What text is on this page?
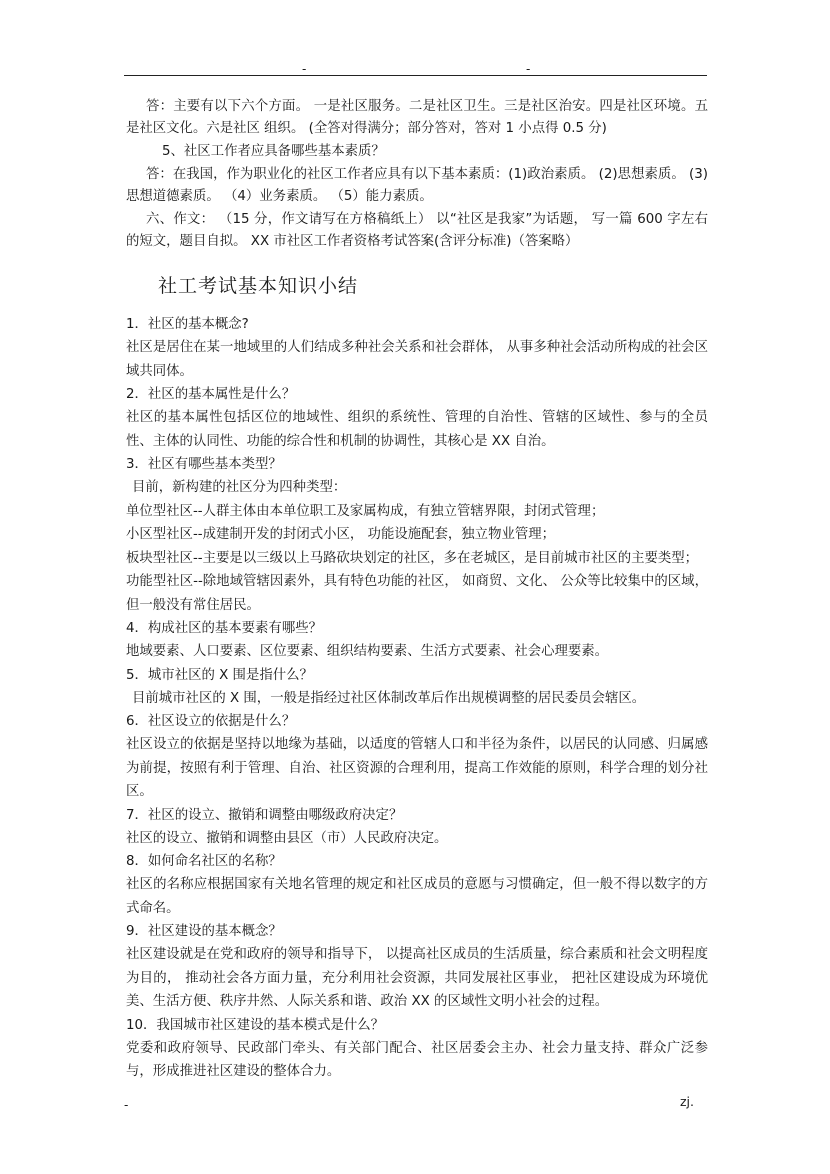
-	-

答：主要有以下六个方面。 一是社区服务。二是社区卫生。三是社区治安。四是社区环境。五是社区文化。六是社区 组织。 (全答对得满分；部分答对，答对 1 小点得 0.5 分)

5、社区工作者应具备哪些基本素质？

答：在我国，作为职业化的社区工作者应具有以下基本素质：(1)政治素质。 (2)思想素质。 (3)思想道德素质。 （4）业务素质。 （5）能力素质。

六、作文： （15 分，作文请写在方格稿纸上） 以“社区是我家”为话题， 写一篇 600 字左右的短文，题目自拟。 XX 市社区工作者资格考试答案(含评分标准)（答案略）

社工考试基本知识小结
1．社区的基本概念?
社区是居住在某一地域里的人们结成多种社会关系和社会群体， 从事多种社会活动所构成的社会区域共同体。
2．社区的基本属性是什么？
社区的基本属性包括区位的地域性、组织的系统性、管理的自治性、管辖的区域性、参与的全员性、主体的认同性、功能的综合性和机制的协调性，其核心是 XX 自治。
3．社区有哪些基本类型？
目前，新构建的社区分为四种类型：
单位型社区--人群主体由本单位职工及家属构成，有独立管辖界限，封闭式管理；
小区型社区--成建制开发的封闭式小区， 功能设施配套，独立物业管理；
板块型社区--主要是以三级以上马路砍块划定的社区，多在老城区，是目前城市社区的主要类型；
功能型社区--除地域管辖因素外，具有特色功能的社区， 如商贸、文化、 公众等比较集中的区域， 但一般没有常住居民。
4．构成社区的基本要素有哪些？
地域要素、人口要素、区位要素、组织结构要素、生活方式要素、社会心理要素。
5．城市社区的 X 围是指什么？
目前城市社区的 X 围，一般是指经过社区体制改革后作出规模调整的居民委员会辖区。
6．社区设立的依据是什么？
社区设立的依据是坚持以地缘为基础，以适度的管辖人口和半径为条件，以居民的认同感、归属感为前提，按照有利于管理、自治、社区资源的合理利用，提高工作效能的原则，科学合理的划分社区。
7．社区的设立、撤销和调整由哪级政府决定？
社区的设立、撤销和调整由县区（市）人民政府决定。
8．如何命名社区的名称？
社区的名称应根据国家有关地名管理的规定和社区成员的意愿与习惯确定，但一般不得以数字的方式命名。
9．社区建设的基本概念？
社区建设就是在党和政府的领导和指导下， 以提高社区成员的生活质量，综合素质和社会文明程度为目的， 推动社会各方面力量，充分利用社会资源，共同发展社区事业， 把社区建设成为环境优美、生活方便、秩序井然、人际关系和谐、政治 XX 的区域性文明小社会的过程。
10．我国城市社区建设的基本模式是什么？
党委和政府领导、民政部门牵头、有关部门配合、社区居委会主办、社会力量支持、群众广泛参与，形成推进社区建设的整体合力。
-	zj.
